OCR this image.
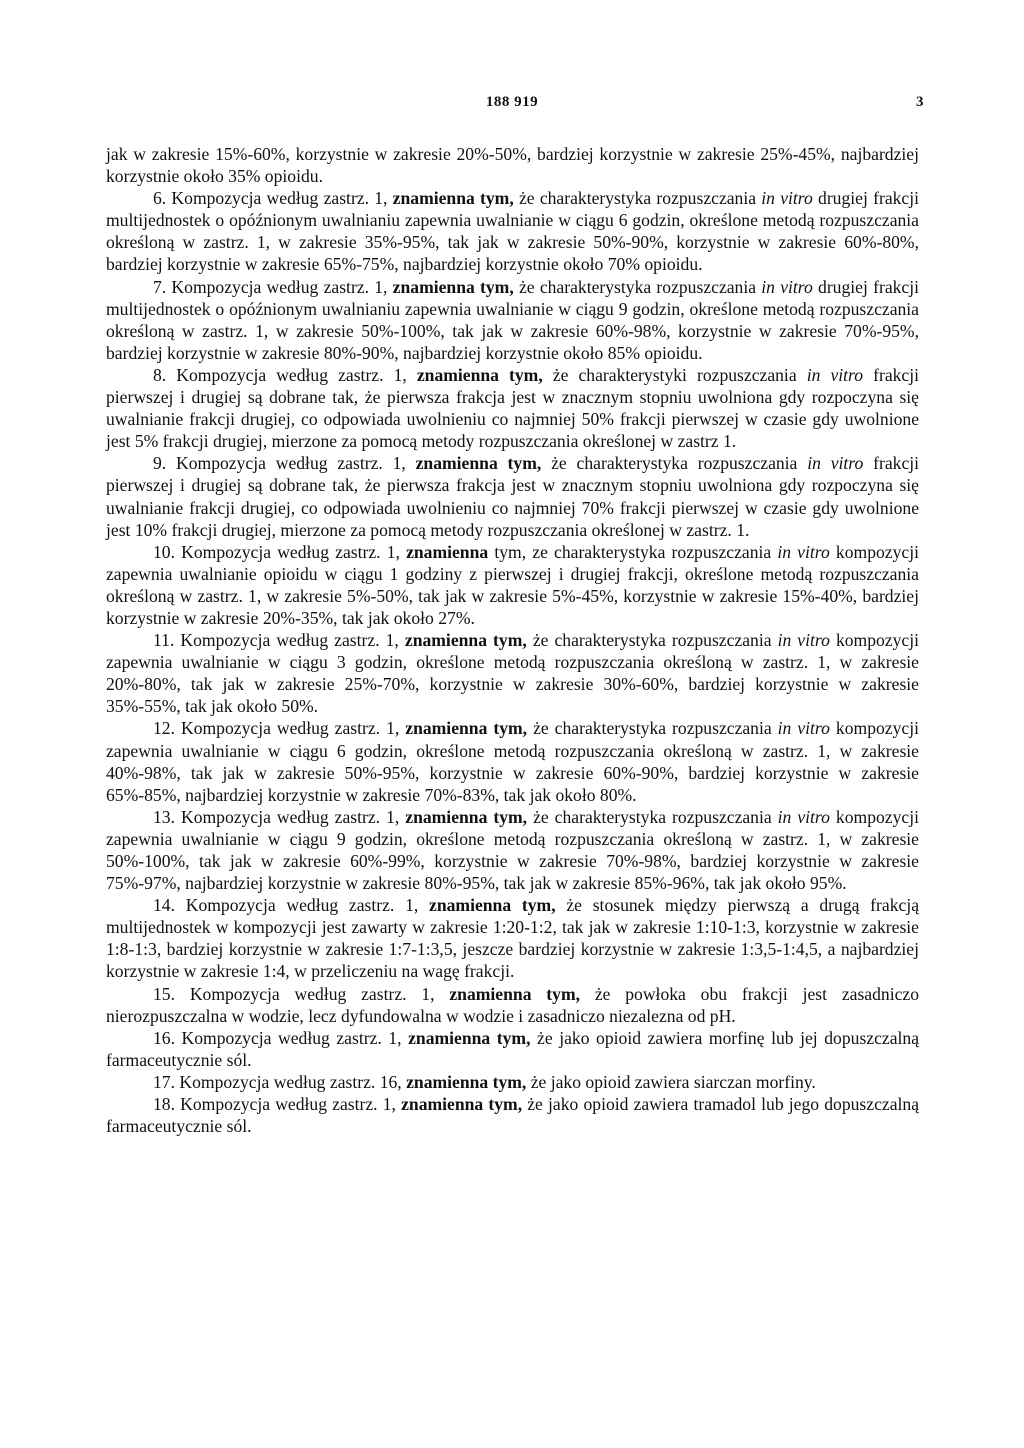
188 919	3

jak w zakresie 15%-60%, korzystnie w zakresie 20%-50%, bardziej korzystnie w zakresie 25%-45%, najbardziej korzystnie około 35% opioidu.

6. Kompozycja według zastrz. 1, znamienna tym, że charakterystyka rozpuszczania in vitro drugiej frakcji multijednostek o opóźnionym uwalnianiu zapewnia uwalnianie w ciągu 6 godzin, określone metodą rozpuszczania określoną w zastrz. 1, w zakresie 35%-95%, tak jak w zakresie 50%-90%, korzystnie w zakresie 60%-80%, bardziej korzystnie w zakresie 65%-75%, najbardziej korzystnie około 70% opioidu.

7. Kompozycja według zastrz. 1, znamienna tym, że charakterystyka rozpuszczania in vitro drugiej frakcji multijednostek o opóźnionym uwalnianiu zapewnia uwalnianie w ciągu 9 godzin, określone metodą rozpuszczania określoną w zastrz. 1, w zakresie 50%-100%, tak jak w zakresie 60%-98%, korzystnie w zakresie 70%-95%, bardziej korzystnie w zakresie 80%-90%, najbardziej korzystnie około 85% opioidu.

8. Kompozycja według zastrz. 1, znamienna tym, że charakterystyki rozpuszczania in vitro frakcji pierwszej i drugiej są dobrane tak, że pierwsza frakcja jest w znacznym stopniu uwolniona gdy rozpoczyna się uwalnianie frakcji drugiej, co odpowiada uwolnieniu co najmniej 50% frakcji pierwszej w czasie gdy uwolnione jest 5% frakcji drugiej, mierzone za pomocą metody rozpuszczania określonej w zastrz 1.

9. Kompozycja według zastrz. 1, znamienna tym, że charakterystyka rozpuszczania in vitro frakcji pierwszej i drugiej są dobrane tak, że pierwsza frakcja jest w znacznym stopniu uwolniona gdy rozpoczyna się uwalnianie frakcji drugiej, co odpowiada uwolnieniu co najmniej 70% frakcji pierwszej w czasie gdy uwolnione jest 10% frakcji drugiej, mierzone za pomocą metody rozpuszczania określonej w zastrz. 1.

10. Kompozycja według zastrz. 1, znamienna tym, ze charakterystyka rozpuszczania in vitro kompozycji zapewnia uwalnianie opioidu w ciągu 1 godziny z pierwszej i drugiej frakcji, określone metodą rozpuszczania określoną w zastrz. 1, w zakresie 5%-50%, tak jak w zakresie 5%-45%, korzystnie w zakresie 15%-40%, bardziej korzystnie w zakresie 20%-35%, tak jak około 27%.

11. Kompozycja według zastrz. 1, znamienna tym, że charakterystyka rozpuszczania in vitro kompozycji zapewnia uwalnianie w ciągu 3 godzin, określone metodą rozpuszczania określoną w zastrz. 1, w zakresie 20%-80%, tak jak w zakresie 25%-70%, korzystnie w zakresie 30%-60%, bardziej korzystnie w zakresie 35%-55%, tak jak około 50%.

12. Kompozycja według zastrz. 1, znamienna tym, że charakterystyka rozpuszczania in vitro kompozycji zapewnia uwalnianie w ciągu 6 godzin, określone metodą rozpuszczania określoną w zastrz. 1, w zakresie 40%-98%, tak jak w zakresie 50%-95%, korzystnie w zakresie 60%-90%, bardziej korzystnie w zakresie 65%-85%, najbardziej korzystnie w zakresie 70%-83%, tak jak około 80%.

13. Kompozycja według zastrz. 1, znamienna tym, że charakterystyka rozpuszczania in vitro kompozycji zapewnia uwalnianie w ciągu 9 godzin, określone metodą rozpuszczania określoną w zastrz. 1, w zakresie 50%-100%, tak jak w zakresie 60%-99%, korzystnie w zakresie 70%-98%, bardziej korzystnie w zakresie 75%-97%, najbardziej korzystnie w zakresie 80%-95%, tak jak w zakresie 85%-96%, tak jak około 95%.

14. Kompozycja według zastrz. 1, znamienna tym, że stosunek między pierwszą a drugą frakcją multijednostek w kompozycji jest zawarty w zakresie 1:20-1:2, tak jak w zakresie 1:10-1:3, korzystnie w zakresie 1:8-1:3, bardziej korzystnie w zakresie 1:7-1:3,5, jeszcze bardziej korzystnie w zakresie 1:3,5-1:4,5, a najbardziej korzystnie w zakresie 1:4, w przeliczeniu na wagę frakcji.

15. Kompozycja według zastrz. 1, znamienna tym, że powłoka obu frakcji jest zasadniczo nierozpuszczalna w wodzie, lecz dyfundowalna w wodzie i zasadniczo niezalezna od pH.

16. Kompozycja według zastrz. 1, znamienna tym, że jako opioid zawiera morfinę lub jej dopuszczalną farmaceutycznie sól.

17. Kompozycja według zastrz. 16, znamienna tym, że jako opioid zawiera siarczan morfiny.

18. Kompozycja według zastrz. 1, znamienna tym, że jako opioid zawiera tramadol lub jego dopuszczalną farmaceutycznie sól.
